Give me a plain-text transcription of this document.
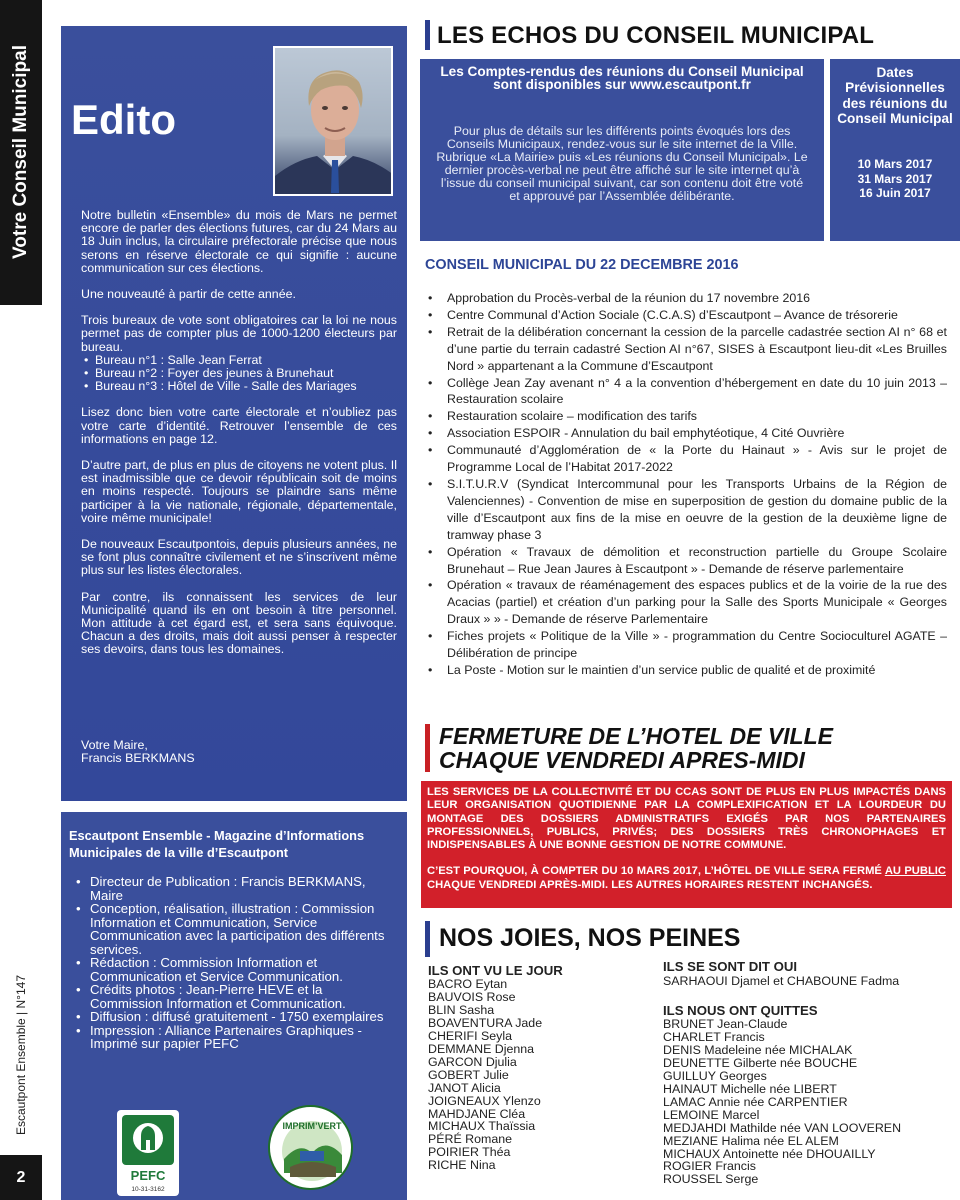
Votre Conseil Municipal
Escautpont Ensemble | N°147
2
Edito

Notre bulletin «Ensemble» du mois de Mars ne permet encore de parler des élections futures, car du 24 Mars au 18 Juin inclus, la circulaire préfectorale précise que nous serons en réserve électorale ce qui signifie : aucune communication sur ces élections.

Une nouveauté à partir de cette année.

Trois bureaux de vote sont obligatoires car la loi ne nous permet pas de compter plus de 1000-1200 électeurs par bureau.

• Bureau n°1 : Salle Jean Ferrat
• Bureau n°2 : Foyer des jeunes à Brunehaut
• Bureau n°3 : Hôtel de Ville - Salle des Mariages

Lisez donc bien votre carte électorale et n’oubliez pas votre carte d’identité. Retrouver l’ensemble de ces informations en page 12.

D’autre part, de plus en plus de citoyens ne votent plus. Il est inadmissible que ce devoir républicain soit de moins en moins respecté. Toujours se plaindre sans même participer à la vie nationale, régionale, départementale, voire même municipale!

De nouveaux Escautpontois, depuis plusieurs années, ne se font plus connaître civilement et ne s’inscrivent même plus sur les listes électorales.

Par contre, ils connaissent les services de leur Municipalité quand ils en ont besoin à titre personnel. Mon attitude à cet égard est, et sera sans équivoque. Chacun a des droits, mais doit aussi penser à respecter ses devoirs, dans tous les domaines.

Votre Maire,
Francis BERKMANS
Escautpont Ensemble - Magazine d’Informations Municipales de la ville d’Escautpont
• Directeur de Publication : Francis BERKMANS, Maire
• Conception, réalisation, illustration : Commission Information et Communication, Service Communication avec la participation des différents services.
• Rédaction : Commission Information et Communication et Service Communication.
• Crédits photos : Jean-Pierre HEVE et la Commission Information et Communication.
• Diffusion : diffusé gratuitement - 1750 exemplaires
• Impression : Alliance Partenaires Graphiques - Imprimé sur papier PEFC
PEFC
10-31-3162
IMPRIM’VERT
LES ECHOS DU CONSEIL MUNICIPAL
Les Comptes-rendus des réunions du Conseil Municipal sont disponibles sur www.escautpont.fr
Pour plus de détails sur les différents points évoqués lors des Conseils Municipaux, rendez-vous sur le site internet de la Ville. Rubrique «La Mairie» puis «Les réunions du Conseil Municipal». Le dernier procès-verbal ne peut être affiché sur le site internet qu’à l’issue du conseil municipal suivant, car son contenu doit être voté et approuvé par l’Assemblée délibérante.
Dates Prévisionnelles des réunions du Conseil Municipal
10 Mars 2017
31 Mars 2017
16 Juin 2017
CONSEIL MUNICIPAL DU 22 DECEMBRE 2016
• Approbation du Procès-verbal de la réunion du 17 novembre 2016
• Centre Communal d’Action Sociale (C.C.A.S) d’Escautpont – Avance de trésorerie
• Retrait de la délibération concernant la cession de la parcelle cadastrée section AI n° 68 et d’une partie du terrain cadastré Section AI n°67, SISES à Escautpont lieu-dit «Les Bruilles Nord » appartenant a la Commune d’Escautpont
• Collège Jean Zay avenant n° 4 a la convention d’hébergement en date du 10 juin 2013 – Restauration scolaire
• Restauration scolaire – modification des tarifs
• Association ESPOIR - Annulation du bail emphytéotique, 4 Cité Ouvrière
• Communauté d’Agglomération de « la Porte du Hainaut » - Avis sur le projet de Programme Local de l’Habitat 2017-2022
• S.I.T.U.R.V (Syndicat Intercommunal pour les Transports Urbains de la Région de Valenciennes) - Convention de mise en superposition de gestion du domaine public de la ville d’Escautpont aux fins de la mise en oeuvre de la gestion de la deuxième ligne de tramway phase 3
• Opération « Travaux de démolition et reconstruction partielle du Groupe Scolaire Brunehaut – Rue Jean Jaures à Escautpont » - Demande de réserve parlementaire
• Opération « travaux de réaménagement des espaces publics et de la voirie de la rue des Acacias (partiel) et création d’un parking pour la Salle des Sports Municipale « Georges Draux » » - Demande de réserve Parlementaire
• Fiches projets « Politique de la Ville » - programmation du Centre Socioculturel AGATE – Délibération de principe
• La Poste - Motion sur le maintien d’un service public de qualité et de proximité
FERMETURE DE L’HOTEL DE VILLE
CHAQUE VENDREDI APRES-MIDI

LES SERVICES DE LA COLLECTIVITÉ ET DU CCAS SONT DE PLUS EN PLUS IMPACTÉS DANS LEUR ORGANISATION QUOTIDIENNE PAR LA COMPLEXIFICATION ET LA LOURDEUR DU MONTAGE DES DOSSIERS ADMINISTRATIFS EXIGÉS PAR NOS PARTENAIRES PROFESSIONNELS, PUBLICS, PRIVÉS; DES DOSSIERS TRÈS CHRONOPHAGES ET INDISPENSABLES À UNE BONNE GESTION DE NOTRE COMMUNE.

C’EST POURQUOI, À COMPTER DU 10 MARS 2017, L’HÔTEL DE VILLE SERA FERMÉ AU PUBLIC CHAQUE VENDREDI APRÈS-MIDI. LES AUTRES HORAIRES RESTENT INCHANGÉS.

NOS JOIES, NOS PEINES
ILS ONT VU LE JOUR
BACRO Eytan
BAUVOIS Rose
BLIN Sasha
BOAVENTURA Jade
CHERIFI Seyla
DEMMANE Djenna
GARCON Djulia
GOBERT Julie
JANOT Alicia
JOIGNEAUX Ylenzo
MAHDJANE Cléa
MICHAUX Thaïssia
PÉRÉ Romane
POIRIER Théa
RICHE Nina
ILS SE SONT DIT OUI
SARHAOUI Djamel et CHABOUNE Fadma
ILS NOUS ONT QUITTES
BRUNET Jean-Claude
CHARLET Francis
DENIS Madeleine née MICHALAK
DEUNETTE Gilberte née BOUCHE
GUILLUY Georges
HAINAUT Michelle née LIBERT
LAMAC Annie née CARPENTIER
LEMOINE Marcel
MEDJAHDI Mathilde née VAN LOOVEREN
MEZIANE Halima née EL ALEM
MICHAUX Antoinette née DHOUAILLY
ROGIER Francis
ROUSSEL Serge
